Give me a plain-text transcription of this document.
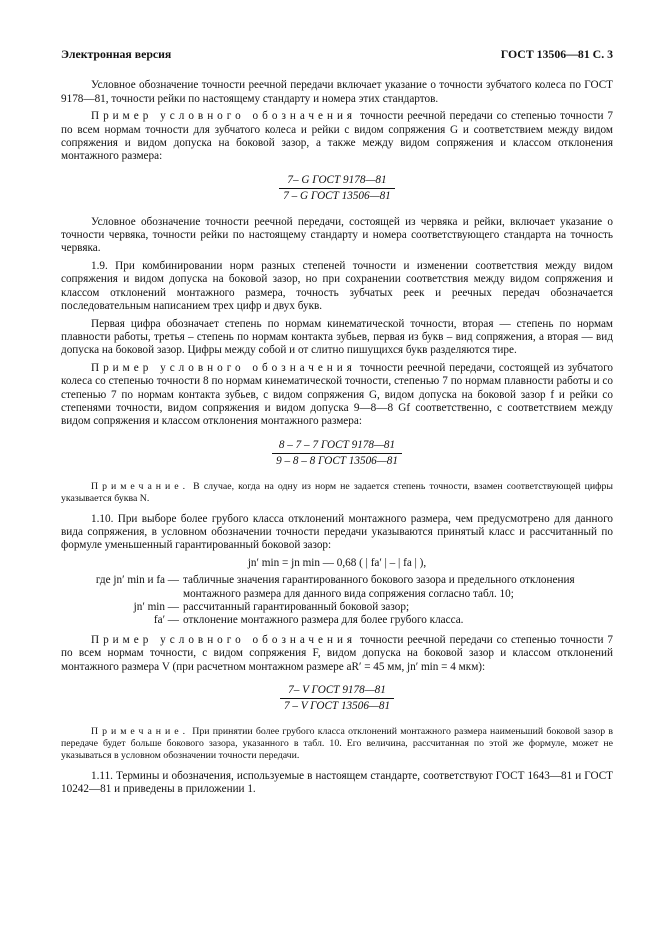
Электронная версия	ГОСТ 13506—81 С. 3

Условное обозначение точности реечной передачи включает указание о точности зубчатого колеса по ГОСТ 9178—81, точности рейки по настоящему стандарту и номера этих стандартов.

Пример условного обозначения точности реечной передачи со степенью точности 7 по всем нормам точности для зубчатого колеса и рейки с видом сопряжения G и соответствием между видом сопряжения и видом допуска на боковой зазор, а также между видом сопряжения и классом отклонения монтажного размера:

$\frac{\text{7– G ГОСТ 9178—81}}{\text{7 – G ГОСТ 13506—81}}$

Условное обозначение точности реечной передачи, состоящей из червяка и рейки, включает указание о точности червяка, точности рейки по настоящему стандарту и номера соответствующего стандарта на точность червяка.

1.9. При комбинировании норм разных степеней точности и изменении соответствия между видом сопряжения и видом допуска на боковой зазор, но при сохранении соответствия между видом сопряжения и классом отклонений монтажного размера, точность зубчатых реек и реечных передач обозначается последовательным написанием трех цифр и двух букв.

Первая цифра обозначает степень по нормам кинематической точности, вторая — степень по нормам плавности работы, третья – степень по нормам контакта зубьев, первая из букв – вид сопряжения, а вторая — вид допуска на боковой зазор. Цифры между собой и от слитно пишущихся букв разделяются тире.

Пример условного обозначения точности реечной передачи, состоящей из зубчатого колеса со степенью точности 8 по нормам кинематической точности, степенью 7 по нормам плавности работы и со степенью 7 по нормам контакта зубьев, с видом сопряжения G, видом допуска на боковой зазор f и рейки со степенями точности, видом сопряжения и видом допуска 9—8—8 Gf соответственно, с соответствием между видом сопряжения и классом отклонения монтажного размера:

$\frac{\text{8 – 7 – 7 ГОСТ 9178—81}}{\text{9 – 8 – 8 ГОСТ 13506—81}}$

Примечание. В случае, когда на одну из норм не задается степень точности, взамен соответствующей цифры указывается буква N.

1.10. При выборе более грубого класса отклонений монтажного размера, чем предусмотрено для данного вида сопряжения, в условном обозначении точности передачи указываются принятый класс и рассчитанный по формуле уменьшенный гарантированный боковой зазор:

jn′ min = jn min — 0,68 ( | fa′ | – | fa | ),
где jn′ min и fa — табличные значения гарантированного бокового зазора и предельного отклонения монтажного размера для данного вида сопряжения согласно табл. 10;
jn′ min — рассчитанный гарантированный боковой зазор;
fa′ — отклонение монтажного размера для более грубого класса.

Пример условного обозначения точности реечной передачи со степенью точности 7 по всем нормам точности, с видом сопряжения F, видом допуска на боковой зазор и классом отклонений монтажного размера V (при расчетном монтажном размере aR′ = 45 мм, jn′ min = 4 мкм):

$\frac{\text{7– V ГОСТ 9178—81}}{\text{7 – V ГОСТ 13506—81}}$

Примечание. При принятии более грубого класса отклонений монтажного размера наименьший боковой зазор в передаче будет больше бокового зазора, указанного в табл. 10. Его величина, рассчитанная по этой же формуле, может не указываться в условном обозначении точности передачи.

1.11. Термины и обозначения, используемые в настоящем стандарте, соответствуют ГОСТ 1643—81 и ГОСТ 10242—81 и приведены в приложении 1.
